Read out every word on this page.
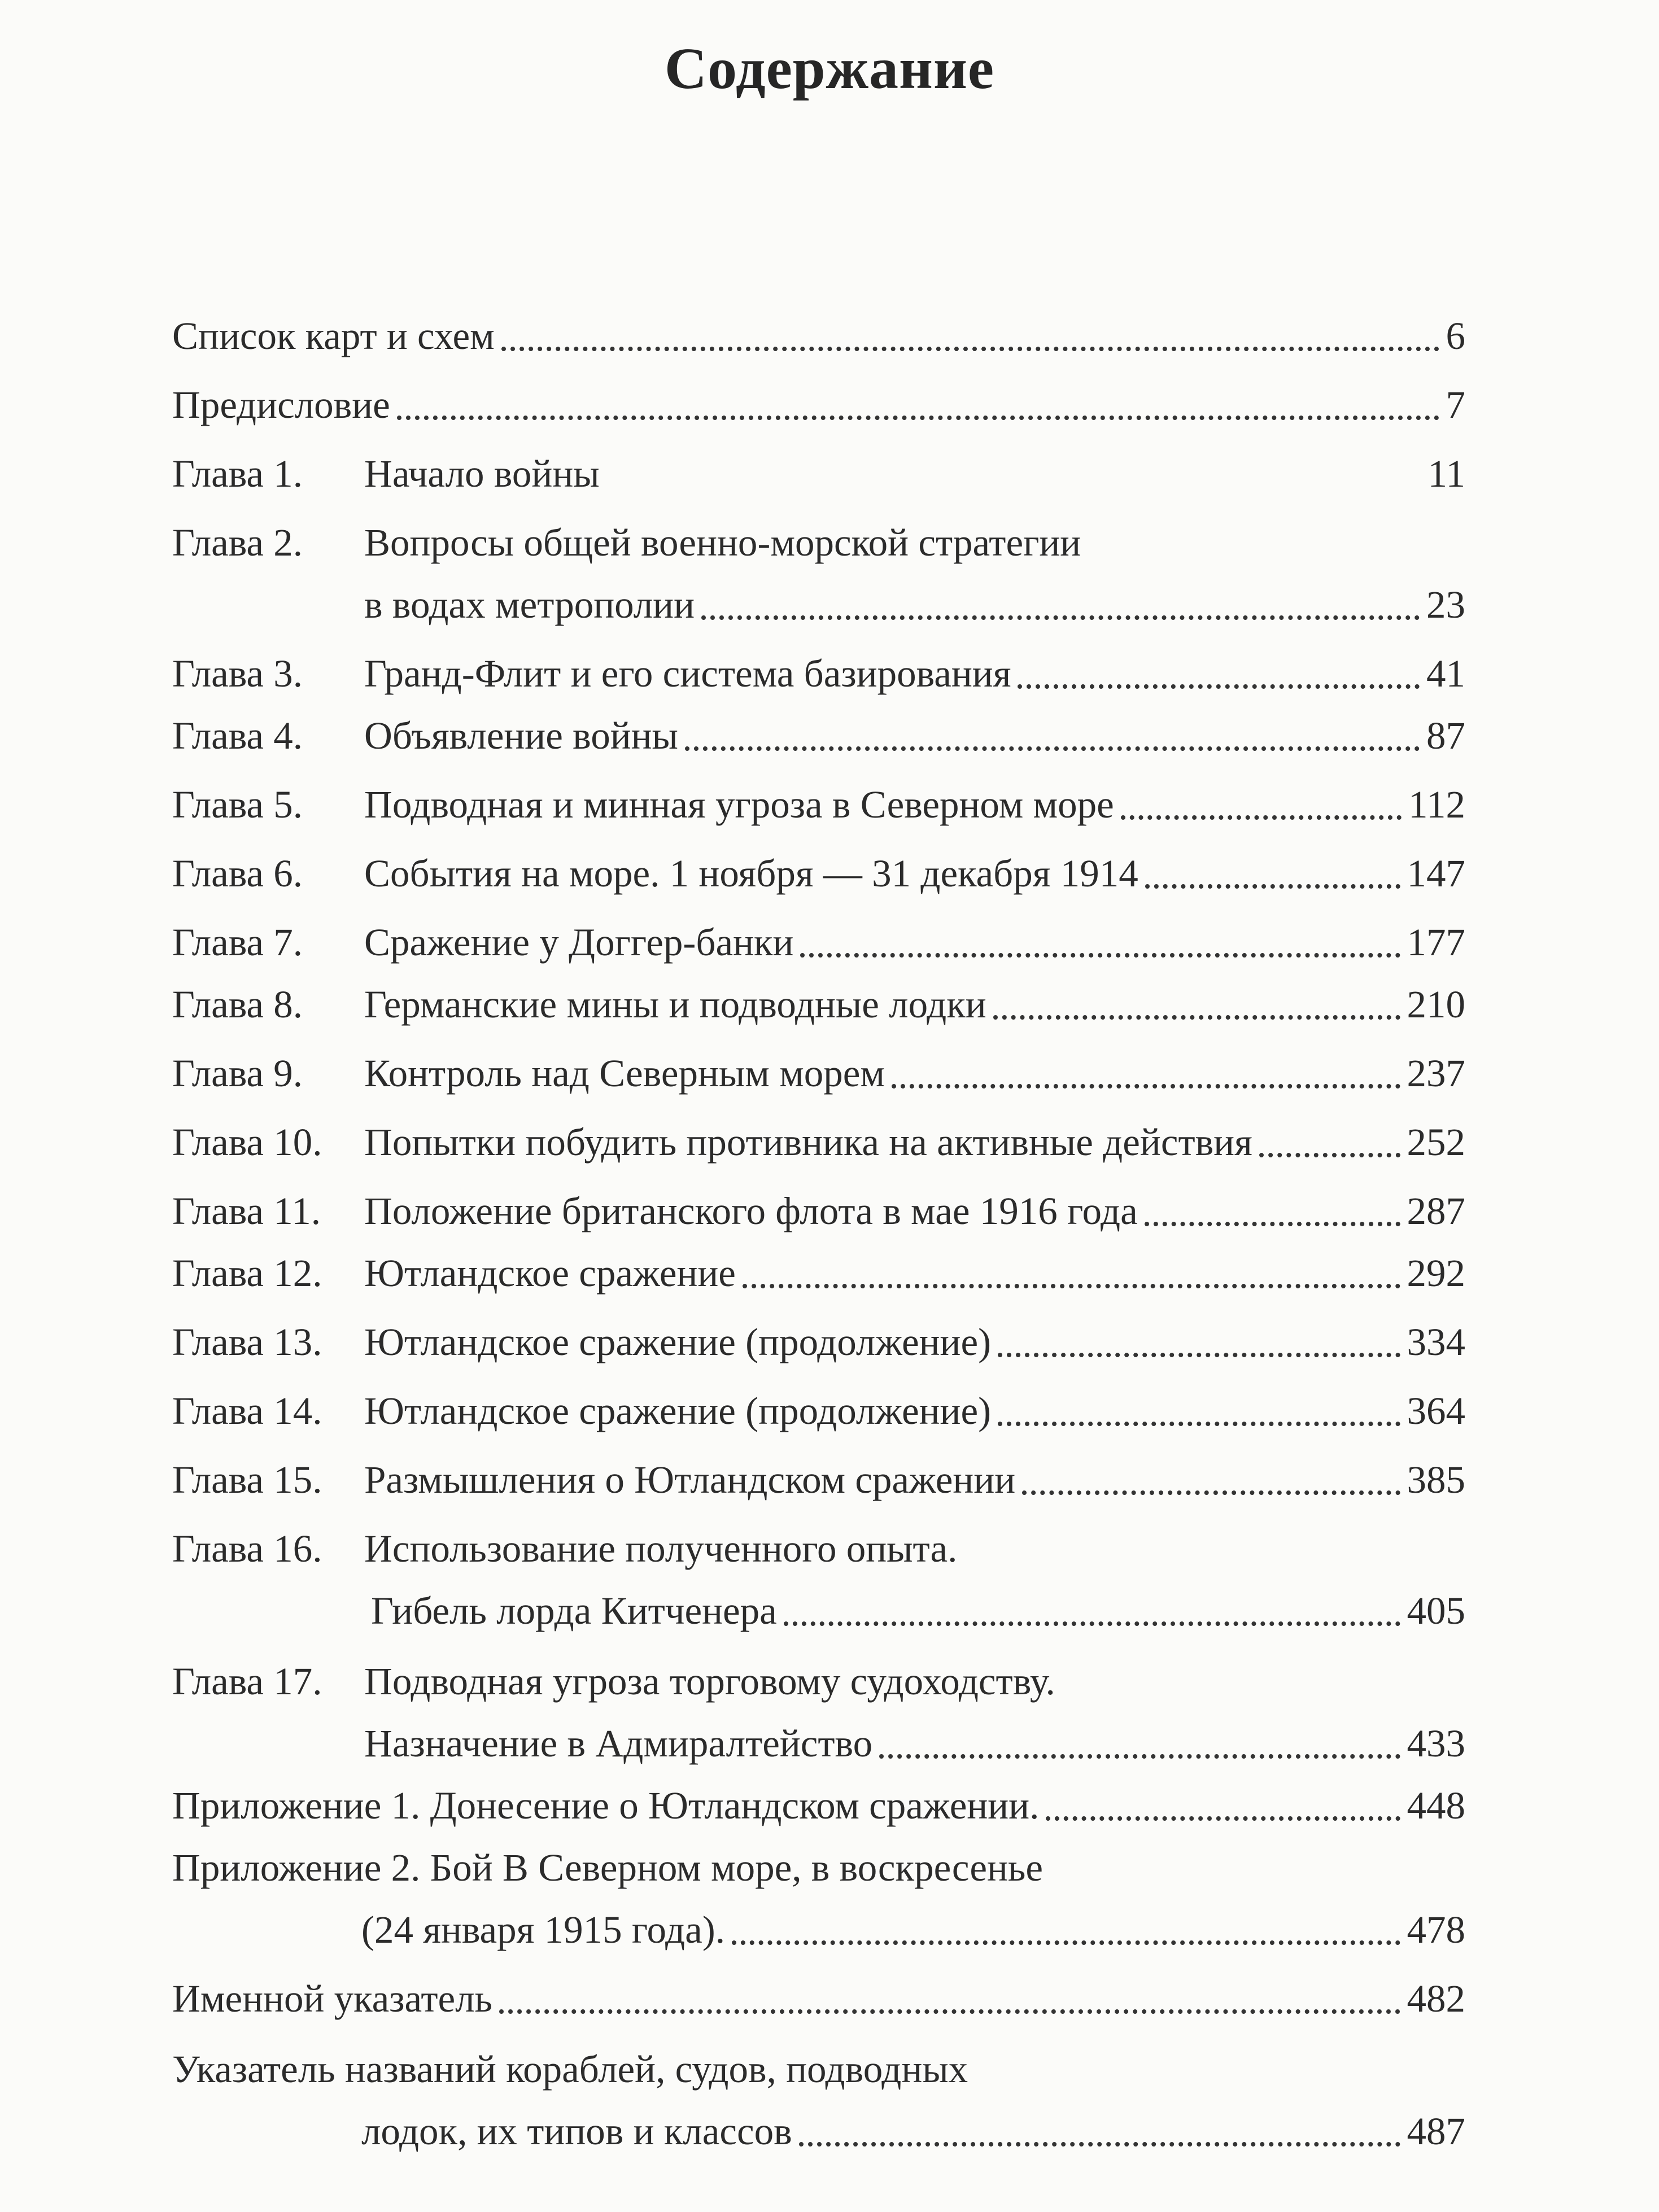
Содержание
Список карт и схем	6
Предисловие	7
Глава 1.	Начало войны	11
Глава 2.	Вопросы общей военно-морской стратегии
в водах метрополии	23
Глава 3.	Гранд-Флит и его система базирования	41
Глава 4.	Объявление войны	87
Глава 5.	Подводная и минная угроза в Северном море	112
Глава 6.	События на море. 1 ноября — 31 декабря 1914	147
Глава 7.	Сражение у Доггер-банки	177
Глава 8.	Германские мины и подводные лодки	210
Глава 9.	Контроль над Северным морем	237
Глава 10.	Попытки побудить противника на активные действия	252
Глава 11.	Положение британского флота в мае 1916 года	287
Глава 12.	Ютландское сражение	292
Глава 13.	Ютландское сражение (продолжение)	334
Глава 14.	Ютландское сражение (продолжение)	364
Глава 15.	Размышления о Ютландском сражении	385
Глава 16.	Использование полученного опыта.
Гибель лорда Китченера	405
Глава 17.	Подводная угроза торговому судоходству.
Назначение в Адмиралтейство	433
Приложение 1. Донесение о Ютландском сражении.	448
Приложение 2. Бой В Северном море, в воскресенье
(24 января 1915 года).	478
Именной указатель	482
Указатель названий кораблей, судов, подводных
лодок, их типов и классов	487
